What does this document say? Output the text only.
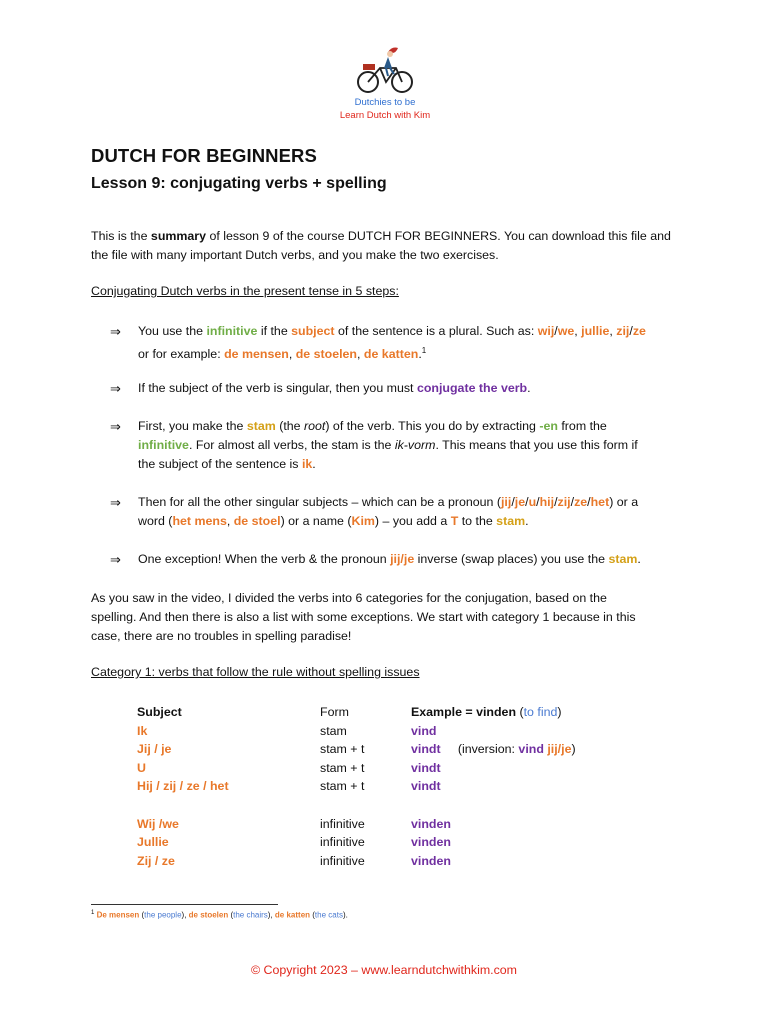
Dutchies to be
Learn Dutch with Kim
DUTCH FOR BEGINNERS
Lesson 9: conjugating verbs + spelling
This is the summary of lesson 9 of the course DUTCH FOR BEGINNERS. You can download this file and
the file with many important Dutch verbs, and you make the two exercises.
Conjugating Dutch verbs in the present tense in 5 steps:
⇒ You use the infinitive if the subject of the sentence is a plural. Such as: wij/we, jullie, zij/ze
or for example: de mensen, de stoelen, de katten.$^1$
⇒ If the subject of the verb is singular, then you must conjugate the verb.
⇒ First, you make the stam (the root) of the verb. This you do by extracting -en from the
infinitive. For almost all verbs, the stam is the ik-vorm. This means that you use this form if
the subject of the sentence is ik.
⇒ Then for all the other singular subjects – which can be a pronoun (jij/je/u/hij/zij/ze/het) or a
word (het mens, de stoel) or a name (Kim) – you add a T to the stam.
⇒ One exception! When the verb & the pronoun jij/je inverse (swap places) you use the stam.
As you saw in the video, I divided the verbs into 6 categories for the conjugation, based on the
spelling. And then there is also a list with some exceptions. We start with category 1 because in this
case, there are no troubles in spelling paradise!
Category 1: verbs that follow the rule without spelling issues
Subject	Form	Example = vinden (to find)
Ik	stam	vind
Jij / je	stam + t	vindt     (inversion: vind jij/je)
U	stam + t	vindt
Hij / zij / ze / het	stam + t	vindt

Wij /we	infinitive	vinden
Jullie	infinitive	vinden
Zij / ze	infinitive	vinden
$^1$ De mensen (the people), de stoelen (the chairs), de katten (the cats).
© Copyright 2023 – www.learndutchwithkim.com
